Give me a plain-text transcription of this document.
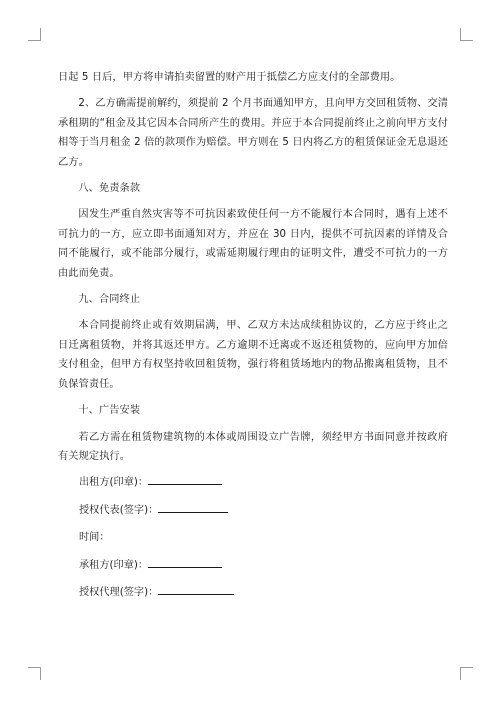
日起 5 日后，甲方将申请拍卖留置的财产用于抵偿乙方应支付的全部费用。

2、乙方确需提前解约，须提前 2 个月书面通知甲方，且向甲方交回租赁物、交清承租期的“租金及其它因本合同所产生的费用。并应于本合同提前终止之前向甲方支付相等于当月租金 2 倍的款项作为赔偿。甲方则在 5 日内将乙方的租赁保证金无息退还乙方。

八、免责条款

因发生严重自然灾害等不可抗因素致使任何一方不能履行本合同时，遇有上述不可抗力的一方，应立即书面通知对方，并应在 30 日内，提供不可抗因素的详情及合同不能履行，或不能部分履行，或需延期履行理由的证明文件，遭受不可抗力的一方由此而免责。

九、合同终止

本合同提前终止或有效期届满，甲、乙双方未达成续租协议的，乙方应于终止之日迁离租赁物，并将其返还甲方。乙方逾期不迁离或不返还租赁物的，应向甲方加倍支付租金，但甲方有权坚持收回租赁物，强行将租赁场地内的物品搬离租赁物，且不负保管责任。

十、广告安装

若乙方需在租赁物建筑物的本体或周围设立广告牌，须经甲方书面同意并按政府有关规定执行。

出租方(印章)：
授权代表(签字)：
时间：
承租方(印章)：
授权代理(签字)：
